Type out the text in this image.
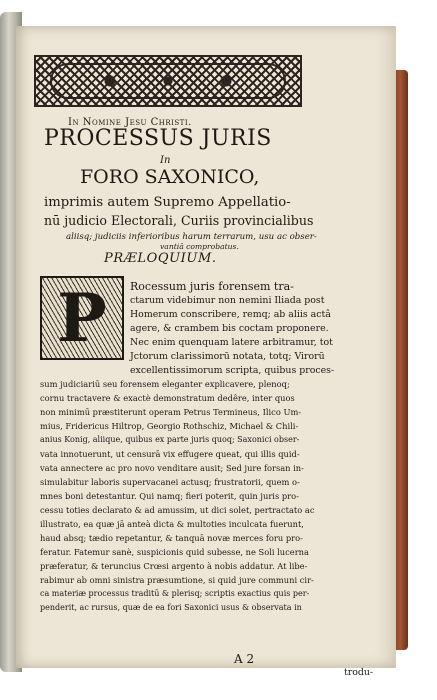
In Nomine Jesu Christi.
PROCESSUS JURIS
In
FORO SAXONICO,
imprimis autem Supremo Appellatio-
nū judicio Electorali, Curiis provincialibus
aliisq; judiciis inferioribus harum terrarum, usu ac obser-
vantiâ comprobatus.
PRÆLOQUIUM.
P	Rocessum juris forensem tra-
ctarum videbimur non nemini Iliada post
Homerum conscribere, remq; ab aliis actâ
agere, & crambem bis coctam proponere.
Nec enim quenquam latere arbitramur, tot
Jctorum clarissimorū notata, totq; Virorū
excellentissimorum scripta, quibus proces-
sum judiciariū seu forensem eleganter explicavere, plenoq;
cornu tractavere & exactè demonstratum dedêre, inter quos
non minimū præstiterunt operam Petrus Termineus, Ilico Um-
mius, Fridericus Hiltrop, Georgio Rothschiz, Michael & Chili-
anius Konig, aliique, quibus ex parte juris quoq; Saxonici obser-
vata innotuerunt, ut censurā vix effugere queat, qui illis quid-
vata annectere ac pro novo venditare ausit; Sed jure forsan in-
simulabitur laboris supervacanei actusq; frustratorii, quem o-
mnes boni detestantur. Qui namq; fieri poterit, quin juris pro-
cessu toties declarato & ad amussim, ut dici solet, pertractato ac
illustrato, ea quæ jā anteà dicta & multoties inculcata fuerunt,
haud absq; tædio repetantur, & tanquā novæ merces foru pro-
feratur. Fatemur sanè, suspicionis quid subesse, ne Soli lucerna
præferatur, & teruncius Crœsi argento à nobis addatur. At libe-
rabimur ab omni sinistra præsumtione, si quid jure communi cir-
ca materiæ processus traditū & plerisq; scriptis exactius quis per-
penderit, ac rursus, quæ de ea fori Saxonici usus & observata in
A 2
trodu-
